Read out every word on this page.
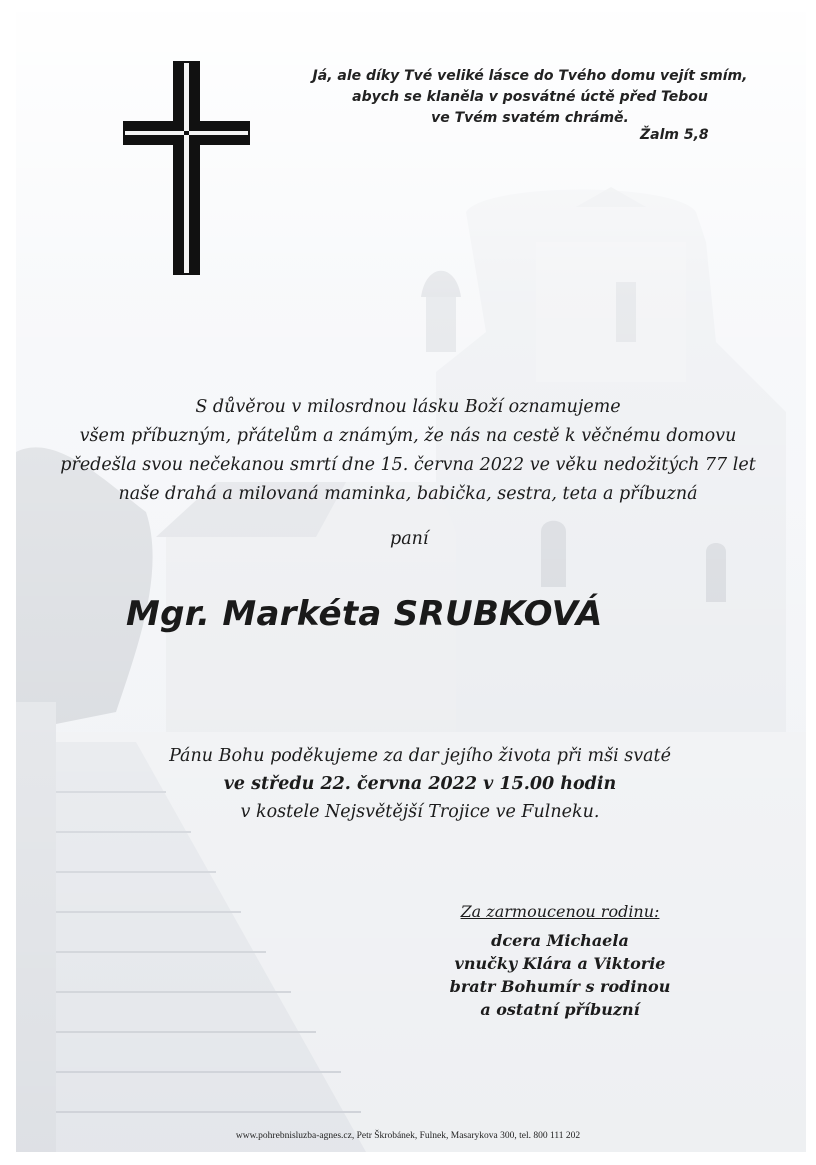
Já, ale díky Tvé veliké lásce do Tvého domu vejít smím,
abych se klaněla v posvátné úctě před Tebou
ve Tvém svatém chrámě.
Žalm 5,8
S důvěrou v milosrdnou lásku Boží oznamujeme
všem příbuzným, přátelům a známým, že nás na cestě k věčnému domovu
předešla svou nečekanou smrtí dne 15. června 2022 ve věku nedožitých 77 let
naše drahá a milovaná maminka, babička, sestra, teta a příbuzná
paní
Mgr. Markéta SRUBKOVÁ
Pánu Bohu poděkujeme za dar jejího života při mši svaté
ve středu 22. června 2022 v 15.00 hodin
v kostele Nejsvětější Trojice ve Fulneku.
Za zarmoucenou rodinu:
dcera Michaela
vnučky Klára a Viktorie
bratr Bohumír s rodinou
a ostatní příbuzní
www.pohrebnisluzba-agnes.cz, Petr Škrobánek, Fulnek, Masarykova 300, tel. 800 111 202
